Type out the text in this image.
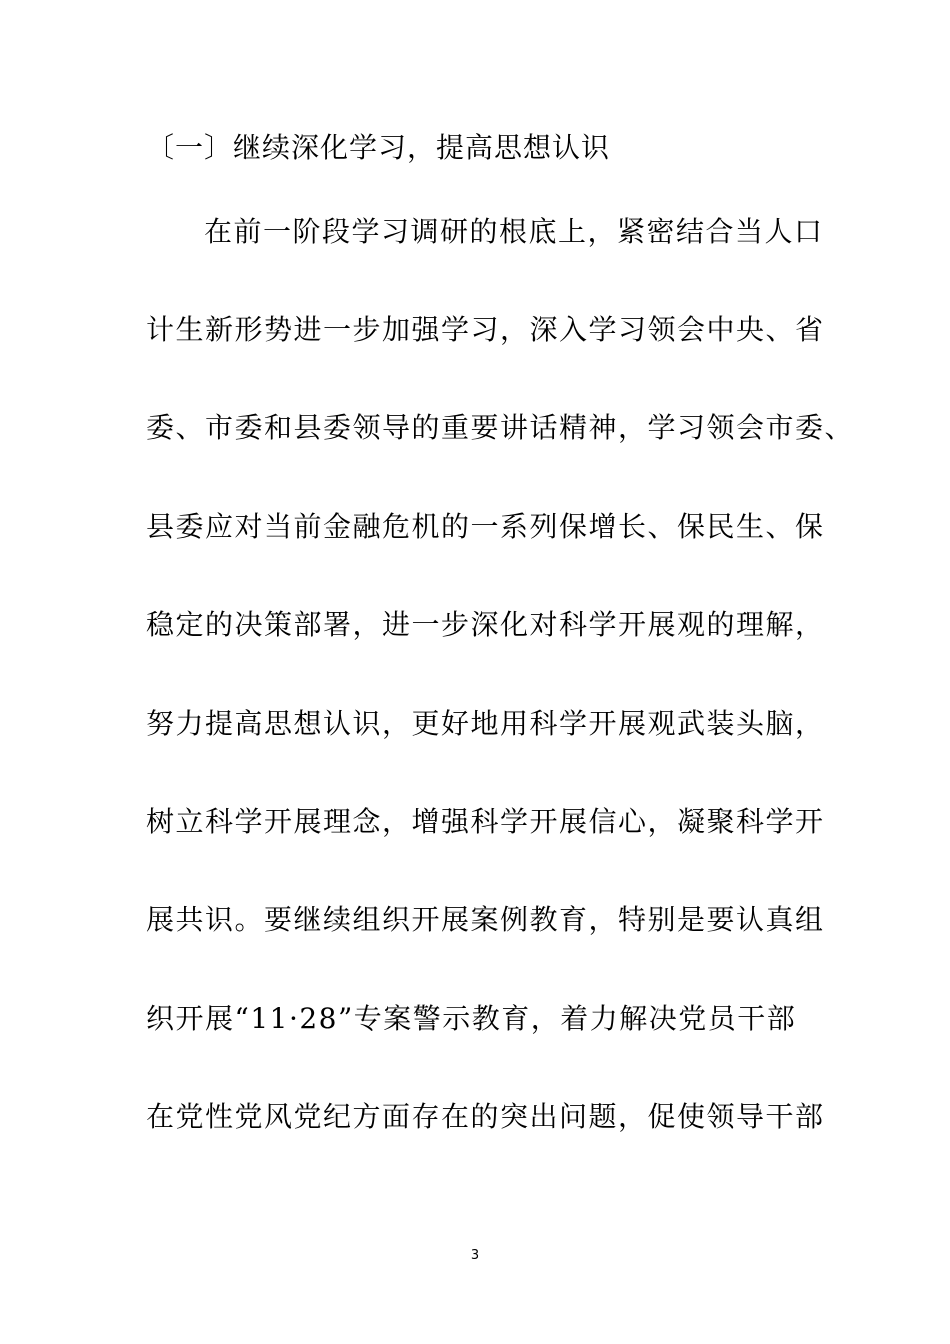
〔一〕继续深化学习，提高思想认识
在前一阶段学习调研的根底上，紧密结合当人口
计生新形势进一步加强学习，深入学习领会中央、省
委、市委和县委领导的重要讲话精神，学习领会市委、
县委应对当前金融危机的一系列保增长、保民生、保
稳定的决策部署，进一步深化对科学开展观的理解，
努力提高思想认识，更好地用科学开展观武装头脑，
树立科学开展理念，增强科学开展信心，凝聚科学开
展共识。要继续组织开展案例教育，特别是要认真组
织开展“11·28”专案警示教育，着力解决党员干部
在党性党风党纪方面存在的突出问题，促使领导干部
3
